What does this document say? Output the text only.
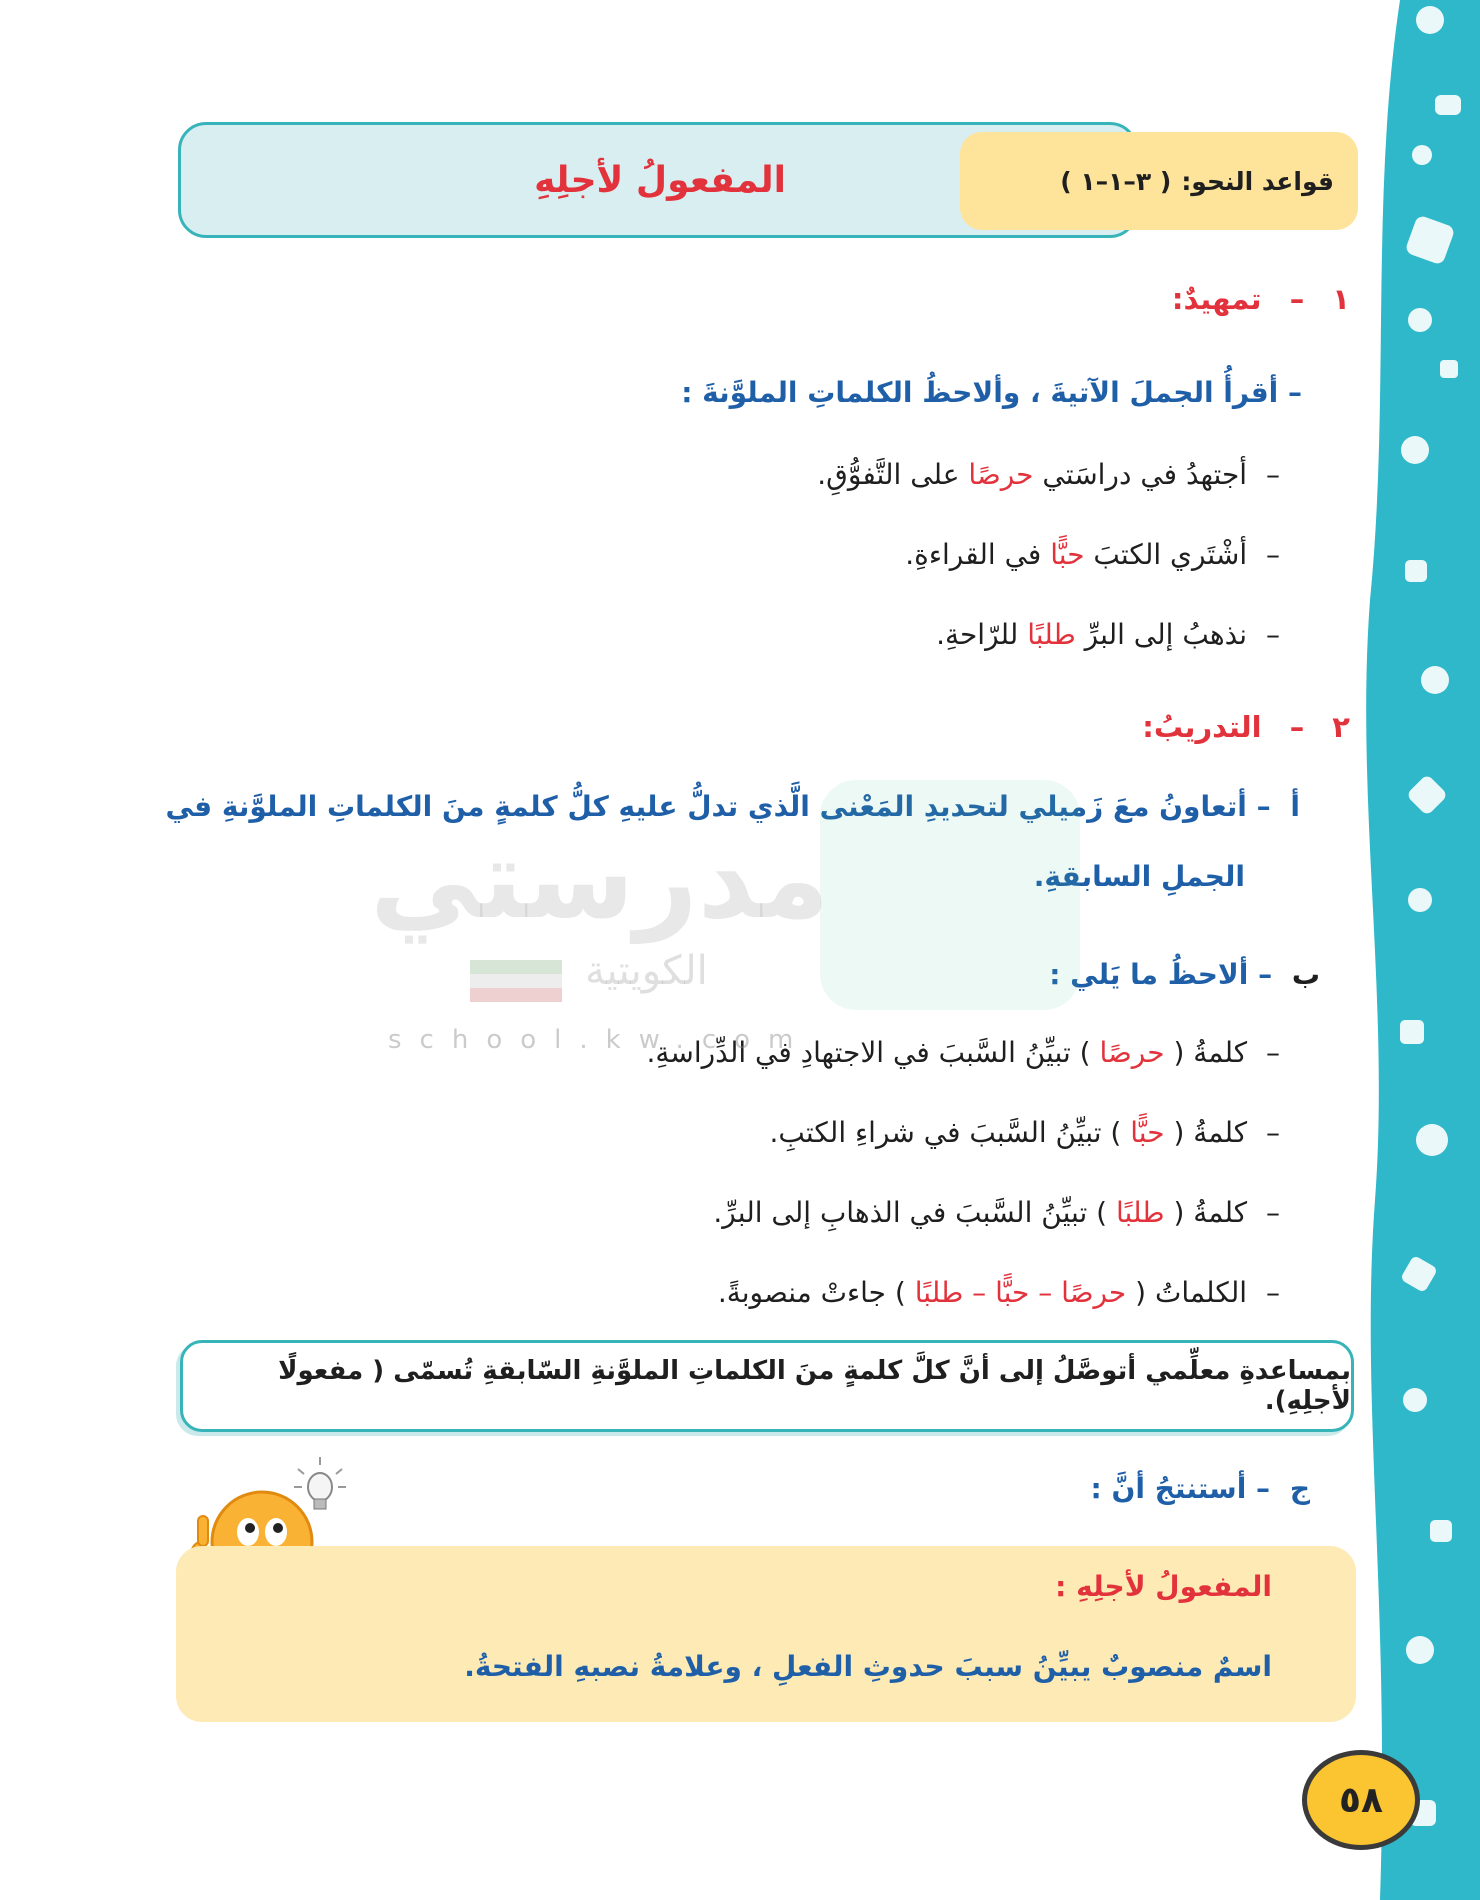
المفعولُ لأجلِهِ	قواعد النحو:
( ٣–١–١ )
١ – تمهيدٌ:
– أقرأُ الجملَ الآتيةَ ، وألاحظُ الكلماتِ الملوَّنةَ :
– أجتهدُ في دراسَتي حرصًا على التَّفوُّقِ.
– أشْتَري الكتبَ حبًّا في القراءةِ.
– نذهبُ إلى البرِّ طلبًا للرّاحةِ.
٢ – التدريبُ:
أ – أتعاونُ معَ زَميلي لتحديدِ المَعْنى الَّذي تدلُّ عليهِ كلُّ كلمةٍ منَ الكلماتِ الملوَّنةِ في
الجملِ السابقةِ.
ب – ألاحظُ ما يَلي :
– كلمةُ ( حرصًا ) تبيِّنُ السَّببَ في الاجتهادِ في الدِّراسةِ.
– كلمةُ ( حبًّا ) تبيِّنُ السَّببَ في شراءِ الكتبِ.
– كلمةُ ( طلبًا ) تبيِّنُ السَّببَ في الذهابِ إلى البرِّ.
– الكلماتُ ( حرصًا – حبًّا – طلبًا ) جاءتْ منصوبةً.
بمساعدةِ معلِّمي أتوصَّلُ إلى أنَّ كلَّ كلمةٍ منَ الكلماتِ الملوَّنةِ السّابقةِ تُسمّى ( مفعولًا لأجلِهِ).
ج – أستنتجُ أنَّ :
المفعولُ لأجلِهِ :
اسمٌ منصوبٌ يبيِّنُ سببَ حدوثِ الفعلِ ، وعلامةُ نصبهِ الفتحةُ.
٥٨
مدرستي
الكويتية
school.kw.com
